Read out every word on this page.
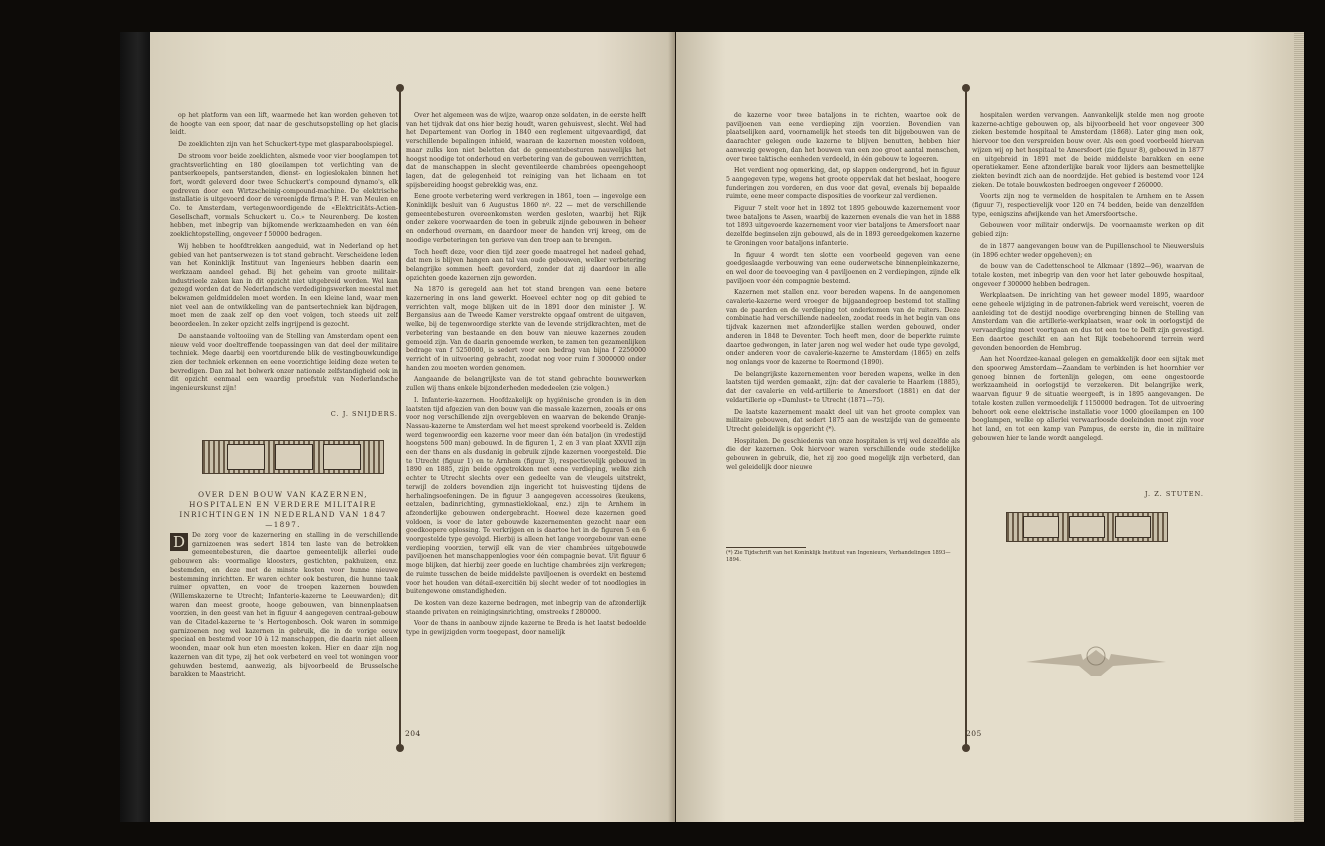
op het platform van een lift, waarmede het kan worden geheven tot de hoogte van een spoor, dat naar de geschutsopstelling op het glacis leidt.

De zoeklichten zijn van het Schuckert-type met glasparaboolspiegel.

De stroom voor beide zoeklichten, alsmede voor vier booglampen tot grachtsverlichting en 180 gloeilampen tot verlichting van de pantserkoepels, pantserstanden, dienst- en logieslokalen binnen het fort, wordt geleverd door twee Schuckert's compound dynamo's, elk gedreven door een Wirtzscheinig-compound-machine. De elektrische installatie is uitgevoerd door de vereenigde firma's P. H. van Meulen en Co. te Amsterdam, vertegenwoordigende de «Elektricitäts-Actien-Gesellschaft, vormals Schuckert u. Co.» te Neurenberg. De kosten hebben, met inbegrip van bijkomende werkzaamheden en van één zoeklichtopstelling, ongeveer f 50000 bedragen.

Wij hebben te hoofdtrekken aangeduid, wat in Nederland op het gebied van het pantserwezen is tot stand gebracht. Verscheidene leden van het Koninklijk Instituut van Ingenieurs hebben daarin een werkzaam aandeel gehad. Bij het geheim van groote militair-industrieele zaken kan in dit opzicht niet uitgebreid worden. Wel kan gezegd worden dat de Nederlandsche verdedigingswerken meestal met bekwamen geldmiddelen moet worden. In een kleine land, waar men niet veel aan de ontwikkeling van de pantsertechniek kan bijdragen, moet men de zaak zelf op den voet volgen, toch steeds uit zelf beoordeelen. In zeker opzicht zelfs ingrijpend is gezocht.

De aanstaande voltooiing van de Stelling van Amsterdam opent een nieuw veld voor doeltreffende toepassingen van dat deel der militaire techniek. Mege daarbij een voortdurende blik de vestingbouwkundige zien der techniek erkennen en eene voorzichtige leiding deze weten te bevredigen. Dan zal het bolwerk onzer nationale zelfstandigheid ook in dit opzicht eenmaal een waardig proefstuk van Nederlandsche ingenieurskunst zijn!

C. J. SNIJDERS.

OVER DEN BOUW VAN KAZERNEN, HOSPITALEN EN VERDERE MILITAIRE INRICHTINGEN IN NEDERLAND VAN 1847—1897.
D	De zorg voor de kazernering en stalling in de verschillende garnizoenen was sedert 1814 ten laste van de betrokken gemeentebesturen, die daartoe gemeentelijk allerlei oude gebouwen als: voormalige kloosters, gestichten, pakhuizen, enz. bestemden, en deze met de minste kosten voor hunne nieuwe bestemming inrichtten. Er waren echter ook besturen, die hunne taak ruimer opvatten, en voor de troepen kazernen bouwden (Willemskazerne te Utrecht; Infanterie-kazerne te Leeuwarden); dit waren dan meest groote, hooge gebouwen, van binnenplaatsen voorzien, in den geest van het in figuur 4 aangegeven centraal-gebouw van de Citadel-kazerne te 's Hertogenbosch. Ook waren in sommige garnizoenen nog wel kazernen in gebruik, die in de vorige eeuw speciaal en bestemd voor 10 à 12 manschappen, die daarin niet alleen woonden, maar ook hun eten moesten koken. Hier en daar zijn nog kazernen van dit type, zij het ook verbeterd en veel tot woningen voor gehuwden bestemd, aanwezig, als bijvoorbeeld de Brusselsche barakken te Maastricht.

Over het algemeen was de wijze, waarop onze soldaten, in de eerste helft van het tijdvak dat ons hier bezig houdt, waren gehuisvest, slecht. Wel had het Departement van Oorlog in 1840 een reglement uitgevaardigd, dat verschillende bepalingen inhield, waaraan de kazernen moesten voldoen, maar zulks kon niet beletten dat de gemeentebesturen nauwelijks het hoogst noodige tot onderhoud en verbetering van de gebouwen verrichtten, dat de manschappen in slecht geventileerde chambrées opeengehoopt lagen, dat de gelegenheid tot reiniging van het lichaam en tot spijsbereiding hoogst gebrekkig was, enz.

Eene groote verbetering werd verkregen in 1861, toen — ingevolge een Koninklijk besluit van 6 Augustus 1860 nº. 22 — met de verschillende gemeentebesturen overeenkomsten werden gesloten, waarbij het Rijk onder zekere voorwaarden de toen in gebruik zijnde gebouwen in beheer en onderhoud overnam, en daardoor meer de handen vrij kreeg, om de noodige verbeteringen ten gerieve van den troep aan te brengen.

Toch heeft deze, voor dien tijd zeer goede maatregel het nadeel gehad, dat men is blijven hangen aan tal van oude gebouwen, welker verbetering belangrijke sommen heeft gevorderd, zonder dat zij daardoor in alle opzichten goede kazernen zijn geworden.

Na 1870 is geregeld aan het tot stand brengen van eene betere kazernering in ons land gewerkt. Hoeveel echter nog op dit gebied te verrichten valt, moge blijken uit de in 1891 door den minister J. W. Bergansius aan de Tweede Kamer verstrekte opgaaf omtrent de uitgaven, welke, bij de tegenwoordige sterkte van de levende strijdkrachten, met de verbetering van bestaande en den bouw van nieuwe kazernes zouden gemoeid zijn. Van de daarin genoemde werken, te zamen ten gezamenlijken bedrage van f 5250000, is sedert voor een bedrag van bijna f 2250000 verricht of in uitvoering gebracht, zoodat nog voor ruim f 3000000 onder handen zou moeten worden genomen.

Aangaande de belangrijkste van de tot stand gebrachte bouwwerken zullen wij thans enkele bijzonderheden mededeelen (zie volgen.)

I. Infanterie-kazernen. Hoofdzakelijk op hygiënische gronden is in den laatsten tijd afgezien van den bouw van die massale kazernen, zooals er ons voor nog verschillende zijn overgebleven en waarvan de bekende Oranje-Nassau-kazerne te Amsterdam wel het meest sprekend voorbeeld is. Zelden werd tegenwoordig een kazerne voor meer dan één bataljon (in vredestijd hoogstens 500 man) gebouwd. In de figuren 1, 2 en 3 van plaat XXVII zijn een der thans en als dusdanig in gebruik zijnde kazernen voorgesteld. Die te Utrecht (figuur 1) en te Arnhem (figuur 3), respectievelijk gebouwd in 1890 en 1885, zijn beide opgetrokken met eene verdieping, welke zich echter te Utrecht slechts over een gedeelte van de vleugels uitstrekt, terwijl de zolders bovendien zijn ingericht tot huisvesting tijdens de herhalingsoefeningen. De in figuur 3 aangegeven accessoires (keukens, eetzalen, badinrichting, gymnastieklokaal, enz.) zijn te Arnhem in afzonderlijke gebouwen ondergebracht. Hoewel deze kazernen goed voldoen, is voor de later gebouwde kazernementen gezocht naar een goedkoopere oplossing. Te verkrijgen en is daartoe het in de figuren 5 en 6 voorgestelde type gevolgd. Hierbij is alleen het lange voorgebouw van eene verdieping voorzien, terwijl elk van de vier chambrées uitgebouwde paviljoenen het manschappenlogies voor één compagnie bevat. Uit figuur 6 moge blijken, dat hierbij zeer goede en luchtige chambrées zijn verkregen; de ruimte tusschen de beide middelste paviljoenen is overdekt en bestemd voor het houden van détail-exercitiën bij slecht weder of tot noodlogies in buitengewone omstandigheden.

De kosten van deze kazerne bedragen, met inbegrip van de afzonderlijk staande privaten en reinigingsinrichting, omstreeks f 280000.

Voor de thans in aanbouw zijnde kazerne te Breda is het laatst bedoelde type in gewijzigden vorm toegepast, door namelijk

204

de kazerne voor twee bataljons in te richten, waartoe ook de paviljoenen van eene verdieping zijn voorzien. Bovendien van plaatselijken aard, voornamelijk het steeds ten dit bijgebouwen van de daarachter gelegen oude kazerne te blijven benutten, hebben hier aanwezig gewogen, dan het bouwen van een zoo groot aantal menschen, over twee taktische eenheden verdeeld, in één gebouw te logeeren.

Het verdient nog opmerking, dat, op slappen ondergrond, het in figuur 5 aangegeven type, wegens het groote oppervlak dat het beslaat, hoogere funderingen zou vorderen, en dus voor dat geval, evenals bij bepaalde ruimte, eene meer compacte disposities de voorkeur zal verdienen.

Figuur 7 stelt voor het in 1892 tot 1895 gebouwde kazernement voor twee bataljons te Assen, waarbij de kazernen evenals die van het in 1888 tot 1893 uitgevoerde kazernement voor vier bataljons te Amersfoort naar dezelfde beginselen zijn gebouwd, als de in 1893 gereedgekomen kazerne te Groningen voor bataljons infanterie.

In figuur 4 wordt ten slotte een voorbeeld gegeven van eene goedgeslaagde verbouwing van eene ouderwetsche binnenpleinkazerne, en wel door de toevoeging van 4 paviljoenen en 2 verdiepingen, zijnde elk paviljoen voor één compagnie bestemd.

Kazernen met stallen enz. voor bereden wapens. In de aangenomen cavalerie-kazerne werd vroeger de bijgaandegroep bestemd tot stalling van de paarden en de verdieping tot onderkomen van de ruiters. Deze combinatie had verschillende nadeelen, zoodat reeds in het begin van ons tijdvak kazernen met afzonderlijke stallen werden gebouwd, onder anderen in 1848 te Deventer. Toch heeft men, door de beperkte ruimte daartoe gedwongen, in later jaren nog wel weder het oude type gevolgd, onder anderen voor de cavalerie-kazerne te Amsterdam (1865) en zelfs nog onlangs voor de kazerne te Roermond (1890).

De belangrijkste kazernementen voor bereden wapens, welke in den laatsten tijd werden gemaakt, zijn: dat der cavalerie te Haarlem (1885), dat der cavalerie en veld-artillerie te Amersfoort (1881) en dat der veldartillerie op «Damlust» te Utrecht (1871—75).

De laatste kazernement maakt deel uit van het groote complex van militaire gebouwen, dat sedert 1875 aan de westzijde van de gemeente Utrecht geleidelijk is opgericht (*).

Hospitalen. De geschiedenis van onze hospitalen is vrij wel dezelfde als die der kazernen. Ook hiervoor waren verschillende oude stedelijke gebouwen in gebruik, die, het zij zoo goed mogelijk zijn verbeterd, dan wel geleidelijk door nieuwe

(*) Zie Tijdschrift van het Koninklijk Instituut van Ingenieurs, Verhandelingen 1893—1894.

hospitalen werden vervangen. Aanvankelijk stelde men nog groote kazerne-achtige gebouwen op, als bijvoorbeeld het voor ongeveer 300 zieken bestemde hospitaal te Amsterdam (1868). Later ging men ook, hiervoor toe den verspreiden bouw over. Als een goed voorbeeld hiervan wijzen wij op het hospitaal te Amersfoort (zie figuur 8), gebouwd in 1877 en uitgebreid in 1891 met de beide middelste barakken en eene operatiekamer. Eene afzonderlijke barak voor lijders aan besmettelijke ziekten bevindt zich aan de noordzijde. Het gebied is bestemd voor 124 zieken. De totale bouwkosten bedroegen ongeveer f 260000.

Voorts zijn nog te vermelden de hospitalen te Arnhem en te Assen (figuur 7), respectievelijk voor 120 en 74 bedden, beide van denzelfden type, eenigszins afwijkende van het Amersfoortsche.

Gebouwen voor militair onderwijs. De voornaamste werken op dit gebied zijn:

de in 1877 aangevangen bouw van de Pupillenschool te Nieuwersluis (in 1896 echter weder opgeheven); en

de bouw van de Cadettenschool te Alkmaar (1892—96), waarvan de totale kosten, met inbegrip van den voor het later gebouwde hospitaal, ongeveer f 300000 hebben bedragen.

Werkplaatsen. De inrichting van het geweer model 1895, waardoor eene geheele wijziging in de patronen-fabriek werd vereischt, voeren de aanleiding tot de destijd noodige overbrenging binnen de Stelling van Amsterdam van die artillerie-werkplaatsen, waar ook in oorlogstijd de vervaardiging moet voortgaan en dus tot een toe te Delft zijn gevestigd. Een daartoe geschikt en aan het Rijk toebehoorend terrein werd gevonden benoorden de Hembrug.

Aan het Noordzee-kanaal gelegen en gemakkelijk door een sijtak met den spoorweg Amsterdam—Zaandam te verbinden is het hoornhier ver genoeg binnen de fortenlijn gelegen, om eene ongestoorde werkzaamheid in oorlogstijd te verzekeren. Dit belangrijke werk, waarvan figuur 9 de situatie weergeeft, is in 1895 aangevangen. De totale kosten zullen vermoedelijk f 1150000 bedragen. Tot de uitvoering behoort ook eene elektrische installatie voor 1000 gloeilampen en 100 booglampen, welke op allerlei verwaarloosde doeleinden moet zijn voor het land, en tot een kamp van Pampus, de eerste in, die in militaire gebouwen hier te lande wordt aangelegd.

J. Z. STUTEN.

205
